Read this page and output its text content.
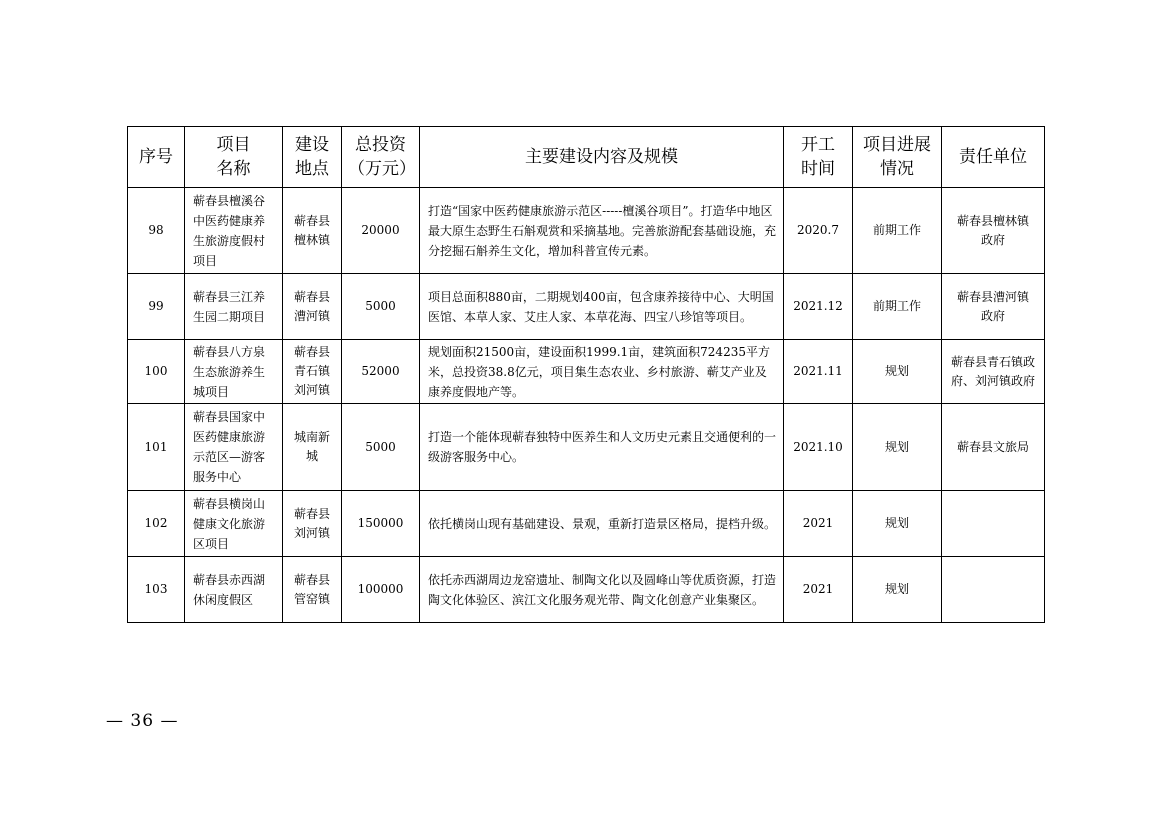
序号	项目名称	建设地点	总投资（万元）	主要建设内容及规模	开工时间	项目进展情况	责任单位
98	蕲春县檀溪谷中医药健康养生旅游度假村项目	蕲春县檀林镇	20000	打造“国家中医药健康旅游示范区-----檀溪谷项目”。打造华中地区最大原生态野生石斛观赏和采摘基地。完善旅游配套基础设施，充分挖掘石斛养生文化，增加科普宣传元素。	2020.7	前期工作	蕲春县檀林镇政府
99	蕲春县三江养生园二期项目	蕲春县漕河镇	5000	项目总面积880亩，二期规划400亩，包含康养接待中心、大明国医馆、本草人家、艾庄人家、本草花海、四宝八珍馆等项目。	2021.12	前期工作	蕲春县漕河镇政府
100	蕲春县八方泉生态旅游养生城项目	蕲春县青石镇刘河镇	52000	规划面积21500亩，建设面积1999.1亩，建筑面积724235平方米，总投资38.8亿元，项目集生态农业、乡村旅游、蕲艾产业及康养度假地产等。	2021.11	规划	蕲春县青石镇政府、刘河镇政府
101	蕲春县国家中医药健康旅游示范区—游客服务中心	城南新城	5000	打造一个能体现蕲春独特中医养生和人文历史元素且交通便利的一级游客服务中心。	2021.10	规划	蕲春县文旅局
102	蕲春县横岗山健康文化旅游区项目	蕲春县刘河镇	150000	依托横岗山现有基础建设、景观，重新打造景区格局，提档升级。	2021	规划	
103	蕲春县赤西湖休闲度假区	蕲春县管窑镇	100000	依托赤西湖周边龙窑遗址、制陶文化以及圆峰山等优质资源，打造陶文化体验区、滨江文化服务观光带、陶文化创意产业集聚区。	2021	规划	
— 36 —
